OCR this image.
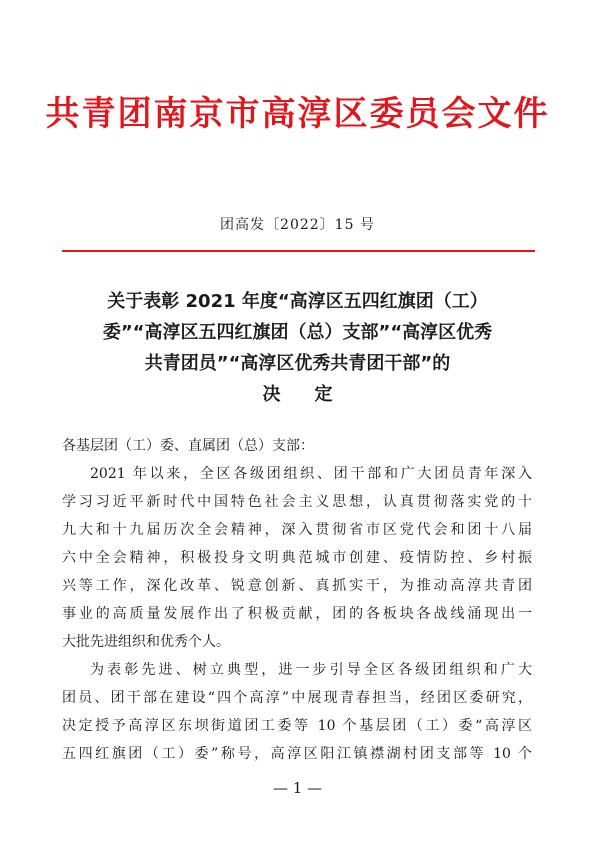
共青团南京市高淳区委员会文件
团高发〔2022〕15 号
关于表彰 2021 年度“高淳区五四红旗团（工）
委”“高淳区五四红旗团（总）支部”“高淳区优秀
共青团员”“高淳区优秀共青团干部”的
决定
各基层团（工）委、直属团（总）支部：
2021 年以来，全区各级团组织、团干部和广大团员青年深入
学习习近平新时代中国特色社会主义思想，认真贯彻落实党的十
九大和十九届历次全会精神，深入贯彻省市区党代会和团十八届
六中全会精神，积极投身文明典范城市创建、疫情防控、乡村振
兴等工作，深化改革、锐意创新、真抓实干，为推动高淳共青团
事业的高质量发展作出了积极贡献，团的各板块各战线涌现出一
大批先进组织和优秀个人。
为表彰先进、树立典型，进一步引导全区各级团组织和广大
团员、团干部在建设“四个高淳”中展现青春担当，经团区委研究，
决定授予高淳区东坝街道团工委等 10 个基层团（工）委“高淳区
五四红旗团（工）委”称号，高淳区阳江镇襟湖村团支部等 10 个
— 1 —
